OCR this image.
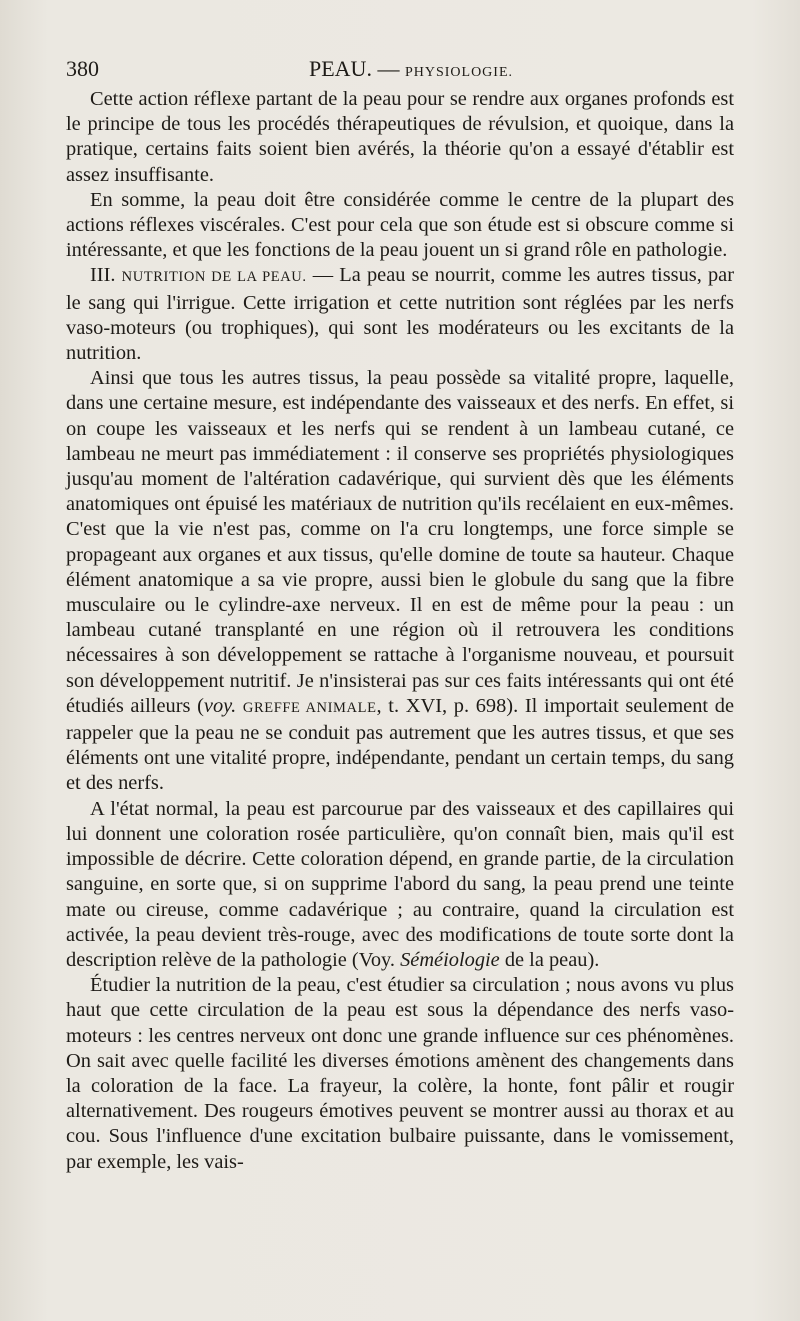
380	PEAU. — PHYSIOLOGIE.

Cette action réflexe partant de la peau pour se rendre aux organes profonds est le principe de tous les procédés thérapeutiques de révulsion, et quoique, dans la pratique, certains faits soient bien avérés, la théorie qu'on a essayé d'établir est assez insuffisante.

En somme, la peau doit être considérée comme le centre de la plupart des actions réflexes viscérales. C'est pour cela que son étude est si obscure comme si intéressante, et que les fonctions de la peau jouent un si grand rôle en pathologie.

III. NUTRITION DE LA PEAU. — La peau se nourrit, comme les autres tissus, par le sang qui l'irrigue. Cette irrigation et cette nutrition sont réglées par les nerfs vaso-moteurs (ou trophiques), qui sont les modérateurs ou les excitants de la nutrition.

Ainsi que tous les autres tissus, la peau possède sa vitalité propre, laquelle, dans une certaine mesure, est indépendante des vaisseaux et des nerfs. En effet, si on coupe les vaisseaux et les nerfs qui se rendent à un lambeau cutané, ce lambeau ne meurt pas immédiatement : il conserve ses propriétés physiologiques jusqu'au moment de l'altération cadavérique, qui survient dès que les éléments anatomiques ont épuisé les matériaux de nutrition qu'ils recélaient en eux-mêmes. C'est que la vie n'est pas, comme on l'a cru longtemps, une force simple se propageant aux organes et aux tissus, qu'elle domine de toute sa hauteur. Chaque élément anatomique a sa vie propre, aussi bien le globule du sang que la fibre musculaire ou le cylindre-axe nerveux. Il en est de même pour la peau : un lambeau cutané transplanté en une région où il retrouvera les conditions nécessaires à son développement se rattache à l'organisme nouveau, et poursuit son développement nutritif. Je n'insisterai pas sur ces faits intéressants qui ont été étudiés ailleurs (voy. GREFFE ANIMALE, t. XVI, p. 698). Il importait seulement de rappeler que la peau ne se conduit pas autrement que les autres tissus, et que ses éléments ont une vitalité propre, indépendante, pendant un certain temps, du sang et des nerfs.

A l'état normal, la peau est parcourue par des vaisseaux et des capillaires qui lui donnent une coloration rosée particulière, qu'on connaît bien, mais qu'il est impossible de décrire. Cette coloration dépend, en grande partie, de la circulation sanguine, en sorte que, si on supprime l'abord du sang, la peau prend une teinte mate ou cireuse, comme cadavérique ; au contraire, quand la circulation est activée, la peau devient très-rouge, avec des modifications de toute sorte dont la description relève de la pathologie (Voy. Séméiologie de la peau).

Étudier la nutrition de la peau, c'est étudier sa circulation ; nous avons vu plus haut que cette circulation de la peau est sous la dépendance des nerfs vaso-moteurs : les centres nerveux ont donc une grande influence sur ces phénomènes. On sait avec quelle facilité les diverses émotions amènent des changements dans la coloration de la face. La frayeur, la colère, la honte, font pâlir et rougir alternativement. Des rougeurs émotives peuvent se montrer aussi au thorax et au cou. Sous l'influence d'une excitation bulbaire puissante, dans le vomissement, par exemple, les vais-
